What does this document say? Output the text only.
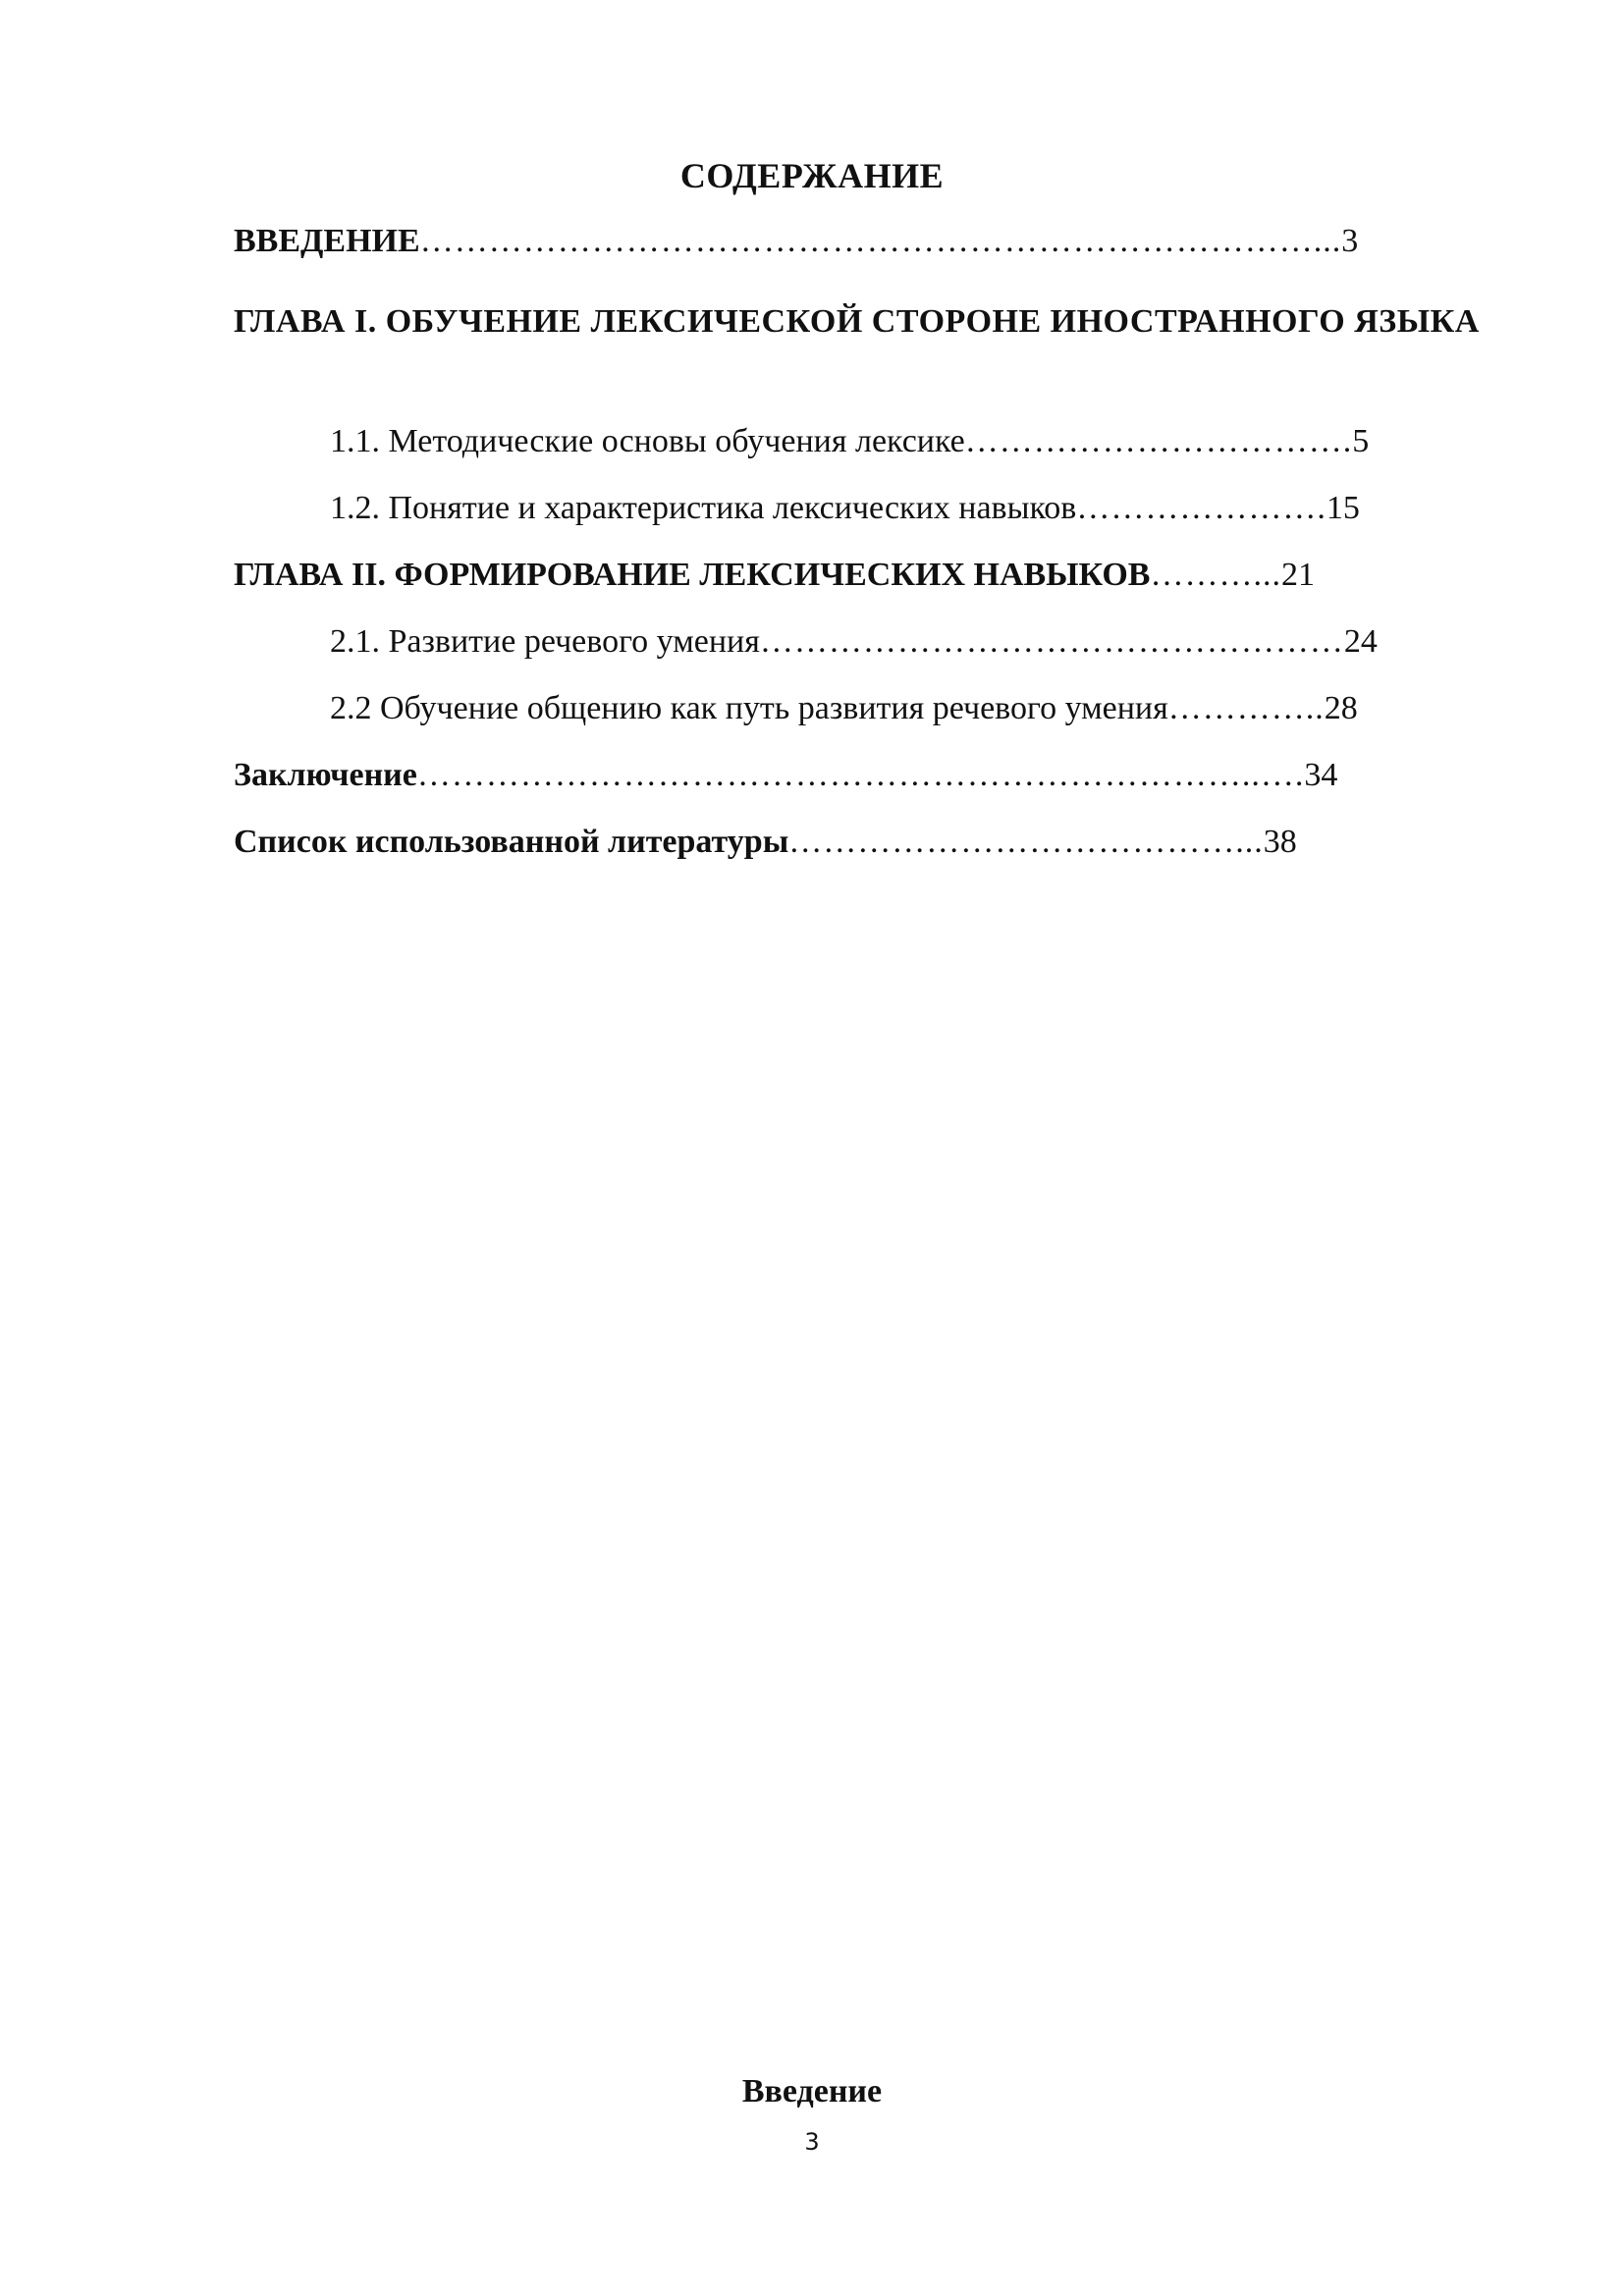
СОДЕРЖАНИЕ
ВВЕДЕНИЕ……………………………………………………………………...3
ГЛАВА I. ОБУЧЕНИЕ ЛЕКСИЧЕСКОЙ СТОРОНЕ ИНОСТРАННОГО ЯЗЫКА
1.1. Методические основы обучения лексике…………………………….5
1.2. Понятие и характеристика лексических навыков………………….15
ГЛАВА II. ФОРМИРОВАНИЕ ЛЕКСИЧЕСКИХ НАВЫКОВ………...21
2.1. Развитие речевого умения……………………………………………24
2.2 Обучение общению как путь развития речевого умения…………..28
Заключение………………………………………………………………..….34
Список использованной литературы…………………………………...38
Введение
3
